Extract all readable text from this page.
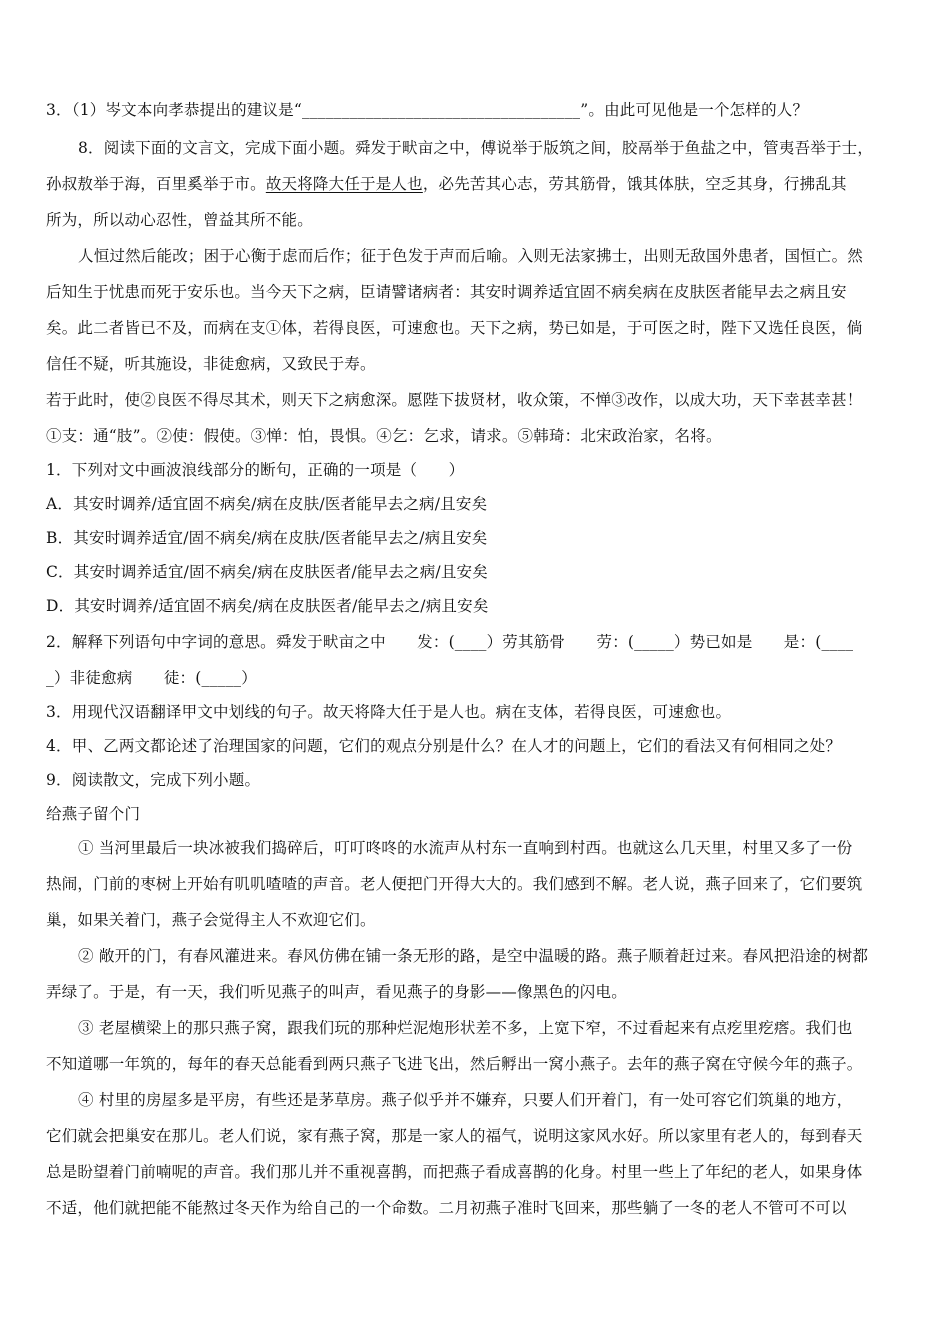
3．（1）岑文本向孝恭提出的建议是“___________________________________”。由此可见他是一个怎样的人？
8．阅读下面的文言文，完成下面小题。舜发于畎亩之中，傅说举于版筑之间，胶鬲举于鱼盐之中，管夷吾举于士，
孙叔敖举于海，百里奚举于市。故天将降大任于是人也，必先苦其心志，劳其筋骨，饿其体肤，空乏其身，行拂乱其
所为，所以动心忍性，曾益其所不能。
人恒过然后能改；困于心衡于虑而后作；征于色发于声而后喻。入则无法家拂士，出则无敌国外患者，国恒亡。然
后知生于忧患而死于安乐也。当今天下之病，臣请譬诸病者：其安时调养适宜固不病矣病在皮肤医者能早去之病且安
矣。此二者皆已不及，而病在支①体，若得良医，可速愈也。天下之病，势已如是，于可医之时，陛下又选任良医，倘
信任不疑，听其施设，非徒愈病，又致民于寿。
若于此时，使②良医不得尽其术，则天下之病愈深。愿陛下拔贤材，收众策，不惮③改作，以成大功，天下幸甚幸甚！
①支：通“肢”。②使：假使。③惮：怕，畏惧。④乞：乞求，请求。⑤韩琦：北宋政治家，名将。
1．下列对文中画波浪线部分的断句，正确的一项是（　　）
A．其安时调养/适宜固不病矣/病在皮肤/医者能早去之病/且安矣
B．其安时调养适宜/固不病矣/病在皮肤/医者能早去之/病且安矣
C．其安时调养适宜/固不病矣/病在皮肤医者/能早去之病/且安矣
D．其安时调养/适宜固不病矣/病在皮肤医者/能早去之/病且安矣
2．解释下列语句中字词的意思。舜发于畎亩之中　　发：(____）劳其筋骨　　劳：(_____）势已如是　　是：(____
_）非徒愈病　　徒：(_____）
3．用现代汉语翻译甲文中划线的句子。故天将降大任于是人也。病在支体，若得良医，可速愈也。
4．甲、乙两文都论述了治理国家的问题，它们的观点分别是什么？在人才的问题上，它们的看法又有何相同之处？
9．阅读散文，完成下列小题。
给燕子留个门
① 当河里最后一块冰被我们捣碎后，叮叮咚咚的水流声从村东一直响到村西。也就这么几天里，村里又多了一份
热闹，门前的枣树上开始有叽叽喳喳的声音。老人便把门开得大大的。我们感到不解。老人说，燕子回来了，它们要筑
巢，如果关着门，燕子会觉得主人不欢迎它们。
② 敞开的门，有春风灌进来。春风仿佛在铺一条无形的路，是空中温暖的路。燕子顺着赶过来。春风把沿途的树都
弄绿了。于是，有一天，我们听见燕子的叫声，看见燕子的身影——像黑色的闪电。
③ 老屋横梁上的那只燕子窝，跟我们玩的那种烂泥炮形状差不多，上宽下窄，不过看起来有点疙里疙瘩。我们也
不知道哪一年筑的，每年的春天总能看到两只燕子飞进飞出，然后孵出一窝小燕子。去年的燕子窝在守候今年的燕子。
④ 村里的房屋多是平房，有些还是茅草房。燕子似乎并不嫌弃，只要人们开着门，有一处可容它们筑巢的地方，
它们就会把巢安在那儿。老人们说，家有燕子窝，那是一家人的福气，说明这家风水好。所以家里有老人的，每到春天
总是盼望着门前喃呢的声音。我们那儿并不重视喜鹊，而把燕子看成喜鹊的化身。村里一些上了年纪的老人，如果身体
不适，他们就把能不能熬过冬天作为给自己的一个命数。二月初燕子准时飞回来，那些躺了一冬的老人不管可不可以
